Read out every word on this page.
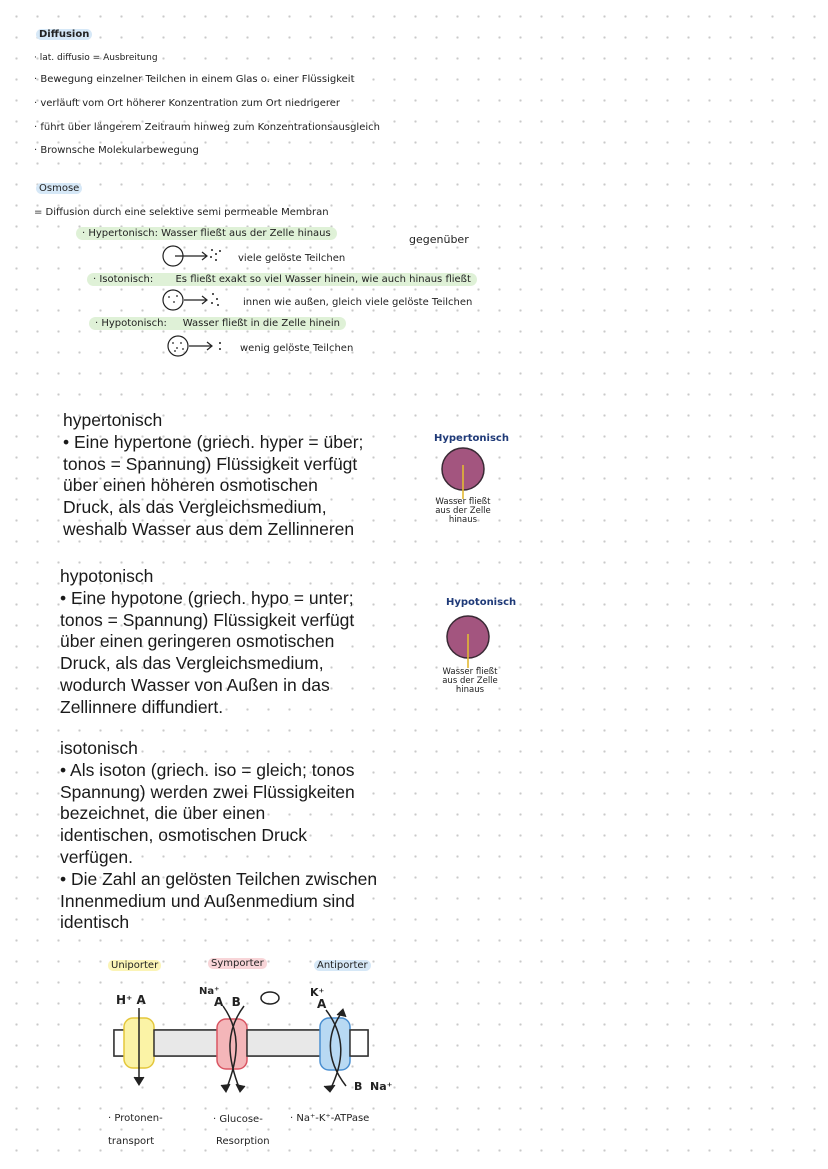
Diffusion
· lat. diffusio = Ausbreitung
· Bewegung einzelner Teilchen in einem Glas o. einer Flüssigkeit
· verläuft vom Ort höherer Konzentration zum Ort niedrigerer
· führt über längerem Zeitraum hinweg zum Konzentrationsausgleich
· Brownsche Molekularbewegung
Osmose
= Diffusion durch eine selektive semi permeable Membran
· Hypertonisch: Wasser fließt aus der Zelle hinaus	gegenüber
viele gelöste Teilchen
· Isotonisch: Es fließt exakt so viel Wasser hinein, wie auch hinaus fließt
innen wie außen, gleich viele gelöste Teilchen
· Hypotonisch: Wasser fließt in die Zelle hinein
wenig gelöste Teilchen
hypertonisch
• Eine hypertone (griech. hyper = über;
tonos = Spannung) Flüssigkeit verfügt
über einen höheren osmotischen
Druck, als das Vergleichsmedium,
weshalb Wasser aus dem Zellinneren
Hypertonisch
Wasser fließt
aus der Zelle
hinaus
hypotonisch
• Eine hypotone (griech. hypo = unter;
tonos = Spannung) Flüssigkeit verfügt
über einen geringeren osmotischen
Druck, als das Vergleichsmedium,
wodurch Wasser von Außen in das
Zellinnere diffundiert.
Hypotonisch
Wasser fließt
aus der Zelle
hinaus
isotonisch
• Als isoton (griech. iso = gleich; tonos
Spannung) werden zwei Flüssigkeiten
bezeichnet, die über einen
identischen, osmotischen Druck
verfügen.
• Die Zahl an gelösten Teilchen zwischen
Innenmedium und Außenmedium sind
identisch
Uniporter	Symporter	Antiporter
H⁺ A
Na⁺
A  B
K⁺
A
B  Na⁺
· Protonen-
transport
· Glucose-
Resorption
· Na⁺-K⁺-ATPase
